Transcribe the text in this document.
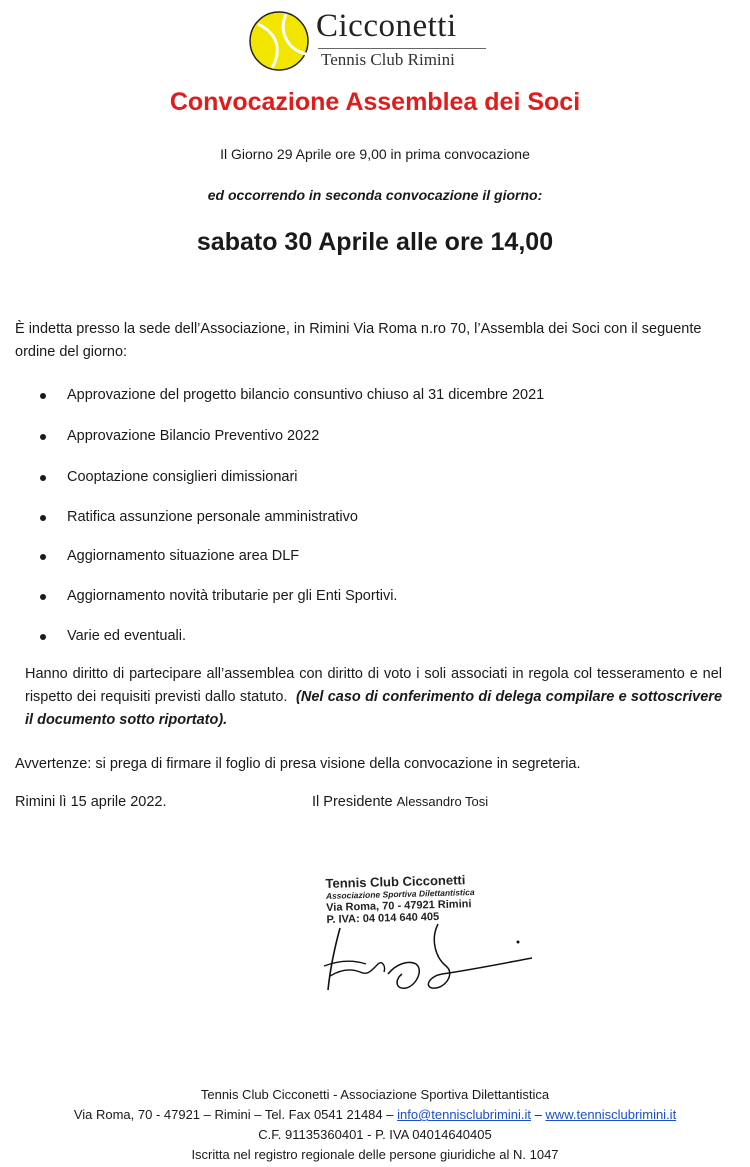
Cicconetti
Tennis Club Rimini
Convocazione Assemblea dei Soci
Il Giorno 29 Aprile ore 9,00 in prima convocazione
ed occorrendo in seconda convocazione il giorno:
sabato 30 Aprile alle ore 14,00
È indetta presso la sede dell’Associazione, in Rimini Via Roma n.ro 70, l’Assembla dei Soci con il seguente ordine del giorno:
Approvazione del progetto bilancio consuntivo chiuso al 31 dicembre 2021
Approvazione Bilancio Preventivo 2022
Cooptazione consiglieri dimissionari
Ratifica assunzione personale amministrativo
Aggiornamento situazione area DLF
Aggiornamento novità tributarie per gli Enti Sportivi.
Varie ed eventuali.
Hanno diritto di partecipare all’assemblea con diritto di voto i soli associati in regola col tesseramento e nel rispetto dei requisiti previsti dallo statuto. (Nel caso di conferimento di delega compilare e sottoscrivere il documento sotto riportato).
Avvertenze: si prega di firmare il foglio di presa visione della convocazione in segreteria.
Rimini lì 15 aprile 2022.	Il Presidente Alessandro Tosi
Tennis Club Cicconetti
Associazione Sportiva Dilettantistica
Via Roma, 70 - 47921 Rimini
P. IVA: 04 014 640 405
Tennis Club Cicconetti - Associazione Sportiva Dilettantistica
Via Roma, 70 - 47921 – Rimini – Tel. Fax 0541 21484 – info@tennisclubrimini.it – www.tennisclubrimini.it
C.F. 91135360401 - P. IVA 04014640405
Iscritta nel registro regionale delle persone giuridiche al N. 1047
